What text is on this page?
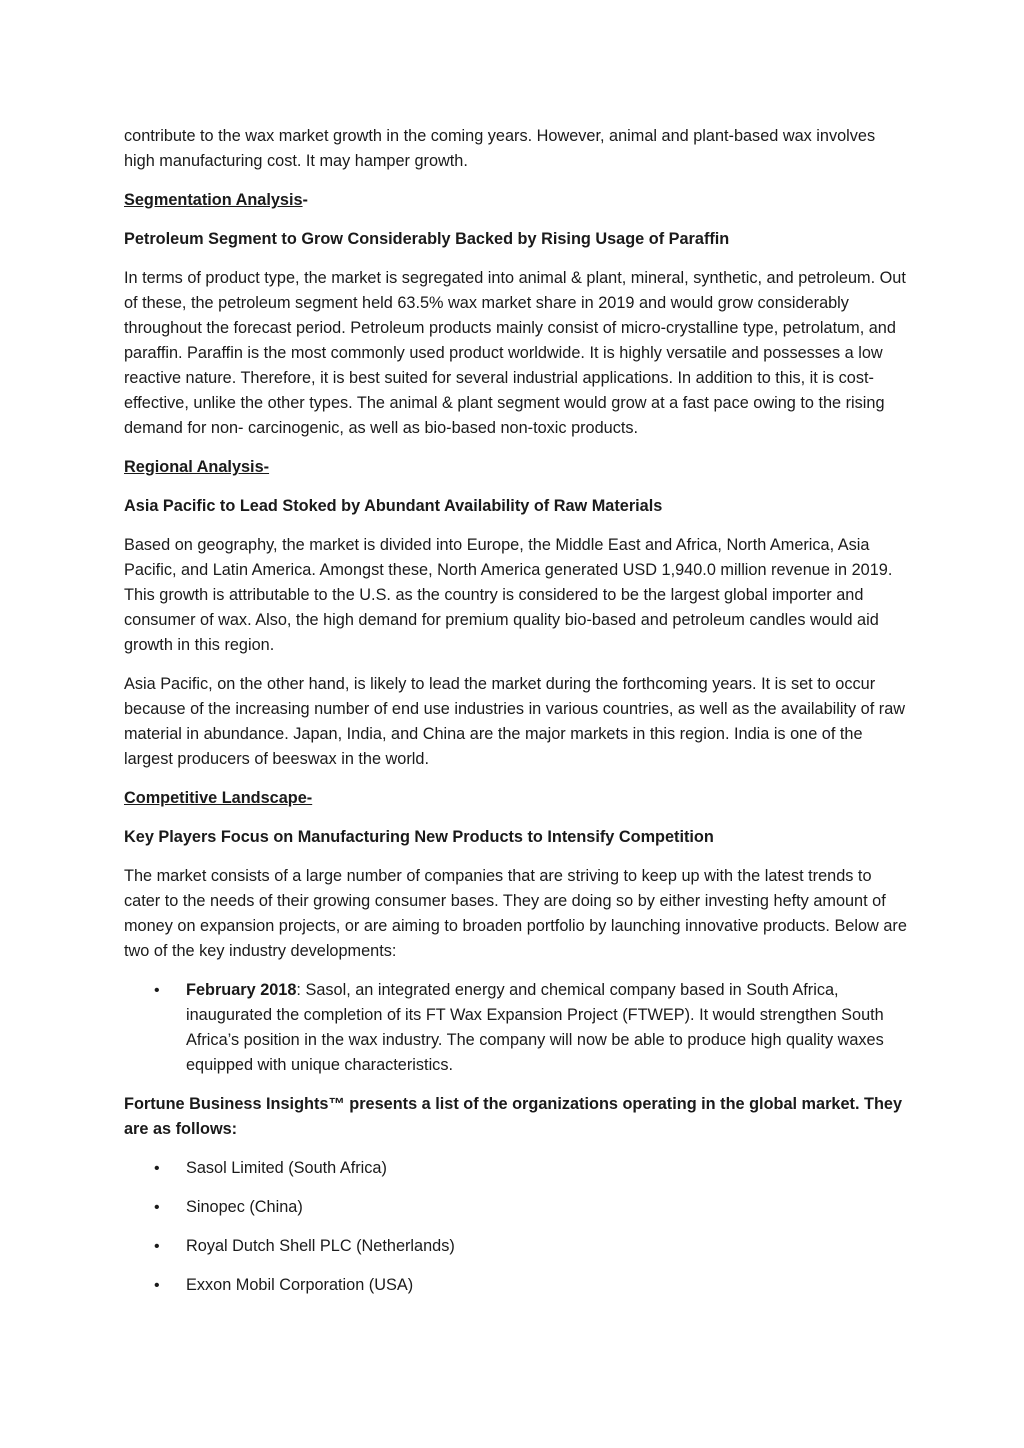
contribute to the wax market growth in the coming years. However, animal and plant-based wax involves high manufacturing cost. It may hamper growth.

Segmentation Analysis-

Petroleum Segment to Grow Considerably Backed by Rising Usage of Paraffin

In terms of product type, the market is segregated into animal & plant, mineral, synthetic, and petroleum. Out of these, the petroleum segment held 63.5% wax market share in 2019 and would grow considerably throughout the forecast period. Petroleum products mainly consist of micro-crystalline type, petrolatum, and paraffin. Paraffin is the most commonly used product worldwide. It is highly versatile and possesses a low reactive nature. Therefore, it is best suited for several industrial applications. In addition to this, it is cost-effective, unlike the other types. The animal & plant segment would grow at a fast pace owing to the rising demand for non- carcinogenic, as well as bio-based non-toxic products.

Regional Analysis-

Asia Pacific to Lead Stoked by Abundant Availability of Raw Materials

Based on geography, the market is divided into Europe, the Middle East and Africa, North America, Asia Pacific, and Latin America. Amongst these, North America generated USD 1,940.0 million revenue in 2019. This growth is attributable to the U.S. as the country is considered to be the largest global importer and consumer of wax. Also, the high demand for premium quality bio-based and petroleum candles would aid growth in this region.

Asia Pacific, on the other hand, is likely to lead the market during the forthcoming years. It is set to occur because of the increasing number of end use industries in various countries, as well as the availability of raw material in abundance. Japan, India, and China are the major markets in this region. India is one of the largest producers of beeswax in the world.

Competitive Landscape-

Key Players Focus on Manufacturing New Products to Intensify Competition

The market consists of a large number of companies that are striving to keep up with the latest trends to cater to the needs of their growing consumer bases. They are doing so by either investing hefty amount of money on expansion projects, or are aiming to broaden portfolio by launching innovative products. Below are two of the key industry developments:

• February 2018: Sasol, an integrated energy and chemical company based in South Africa, inaugurated the completion of its FT Wax Expansion Project (FTWEP). It would strengthen South Africa’s position in the wax industry. The company will now be able to produce high quality waxes equipped with unique characteristics.

Fortune Business Insights™ presents a list of the organizations operating in the global market. They are as follows:

• Sasol Limited (South Africa)
• Sinopec (China)
• Royal Dutch Shell PLC (Netherlands)
• Exxon Mobil Corporation (USA)
